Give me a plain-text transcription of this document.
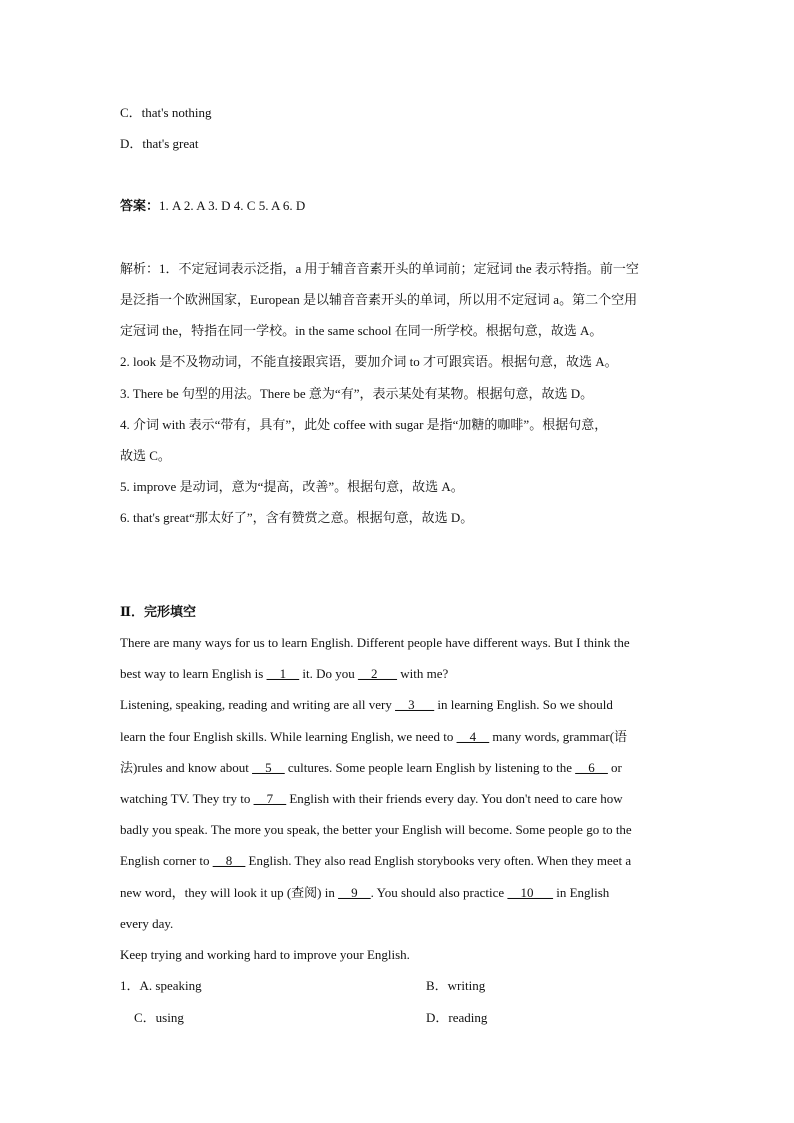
C．that's nothing
D．that's great
答案：1. A 2. A 3. D 4. C 5. A 6. D
解析：1．不定冠词表示泛指，a 用于辅音音素开头的单词前；定冠词 the 表示特指。前一空
是泛指一个欧洲国家，European 是以辅音音素开头的单词，所以用不定冠词 a。第二个空用
定冠词 the，特指在同一学校。in the same school 在同一所学校。根据句意，故选 A。
2. look 是不及物动词，不能直接跟宾语，要加介词 to 才可跟宾语。根据句意，故选 A。
3. There be 句型的用法。There be 意为“有”，表示某处有某物。根据句意，故选 D。
4. 介词 with 表示“带有，具有”，此处 coffee with sugar 是指“加糖的咖啡”。根据句意，
故选 C。
5. improve 是动词，意为“提高，改善”。根据句意，故选 A。
6. that's great“那太好了”，含有赞赏之意。根据句意，故选 D。
Ⅱ．完形填空
There are many ways for us to learn English. Different people have different ways. But I think the
best way to learn English is __1__ it. Do you __2___ with me?
Listening, speaking, reading and writing are all very __3___ in learning English. So we should
learn the four English skills. While learning English, we need to __4__ many words, grammar(语
法)rules and know about __5__ cultures. Some people learn English by listening to the __6__ or
watching TV. They try to __7__ English with their friends every day. You don't need to care how
badly you speak. The more you speak, the better your English will become. Some people go to the
English corner to __8__ English. They also read English storybooks very often. When they meet a
new word，they will look it up (查阅) in __9__. You should also practice __10___ in English
every day.
Keep trying and working hard to improve your English.
1．A. speaking	B．writing
C．using	D．reading
